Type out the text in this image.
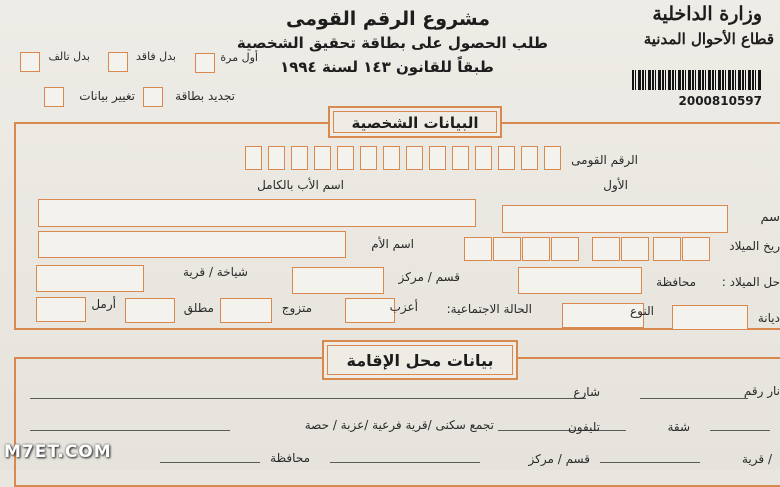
وزارة الداخلية
قطاع الأحوال المدنية
2000810597
مشروع الرقم القومى
طلب الحصول على بطاقة تحقيق الشخصية
طبقاً للقانون ١٤٣ لسنة ١٩٩٤
أول مرة
بدل فاقد
بدل تالف
تجديد بطاقة
تغيير بيانات
البيانات الشخصية
الرقم القومى
الأول
اسم الأب بالكامل
سم
اسم الأم	ريخ الميلاد
شياخة / قرية	قسم / مركز	محافظة حل الميلاد :
أرمل	مطلق	متزوج	أعزب الحالة الاجتماعية:	النوع	ديانة
بيانات محل الإقامة
شارع	نار رقم
تجمع سكنى /قرية فرعية /عزبة / حصة	تليفون	شقة
محافظة	قسم / مركز	/ قرية
M7ET.COM
